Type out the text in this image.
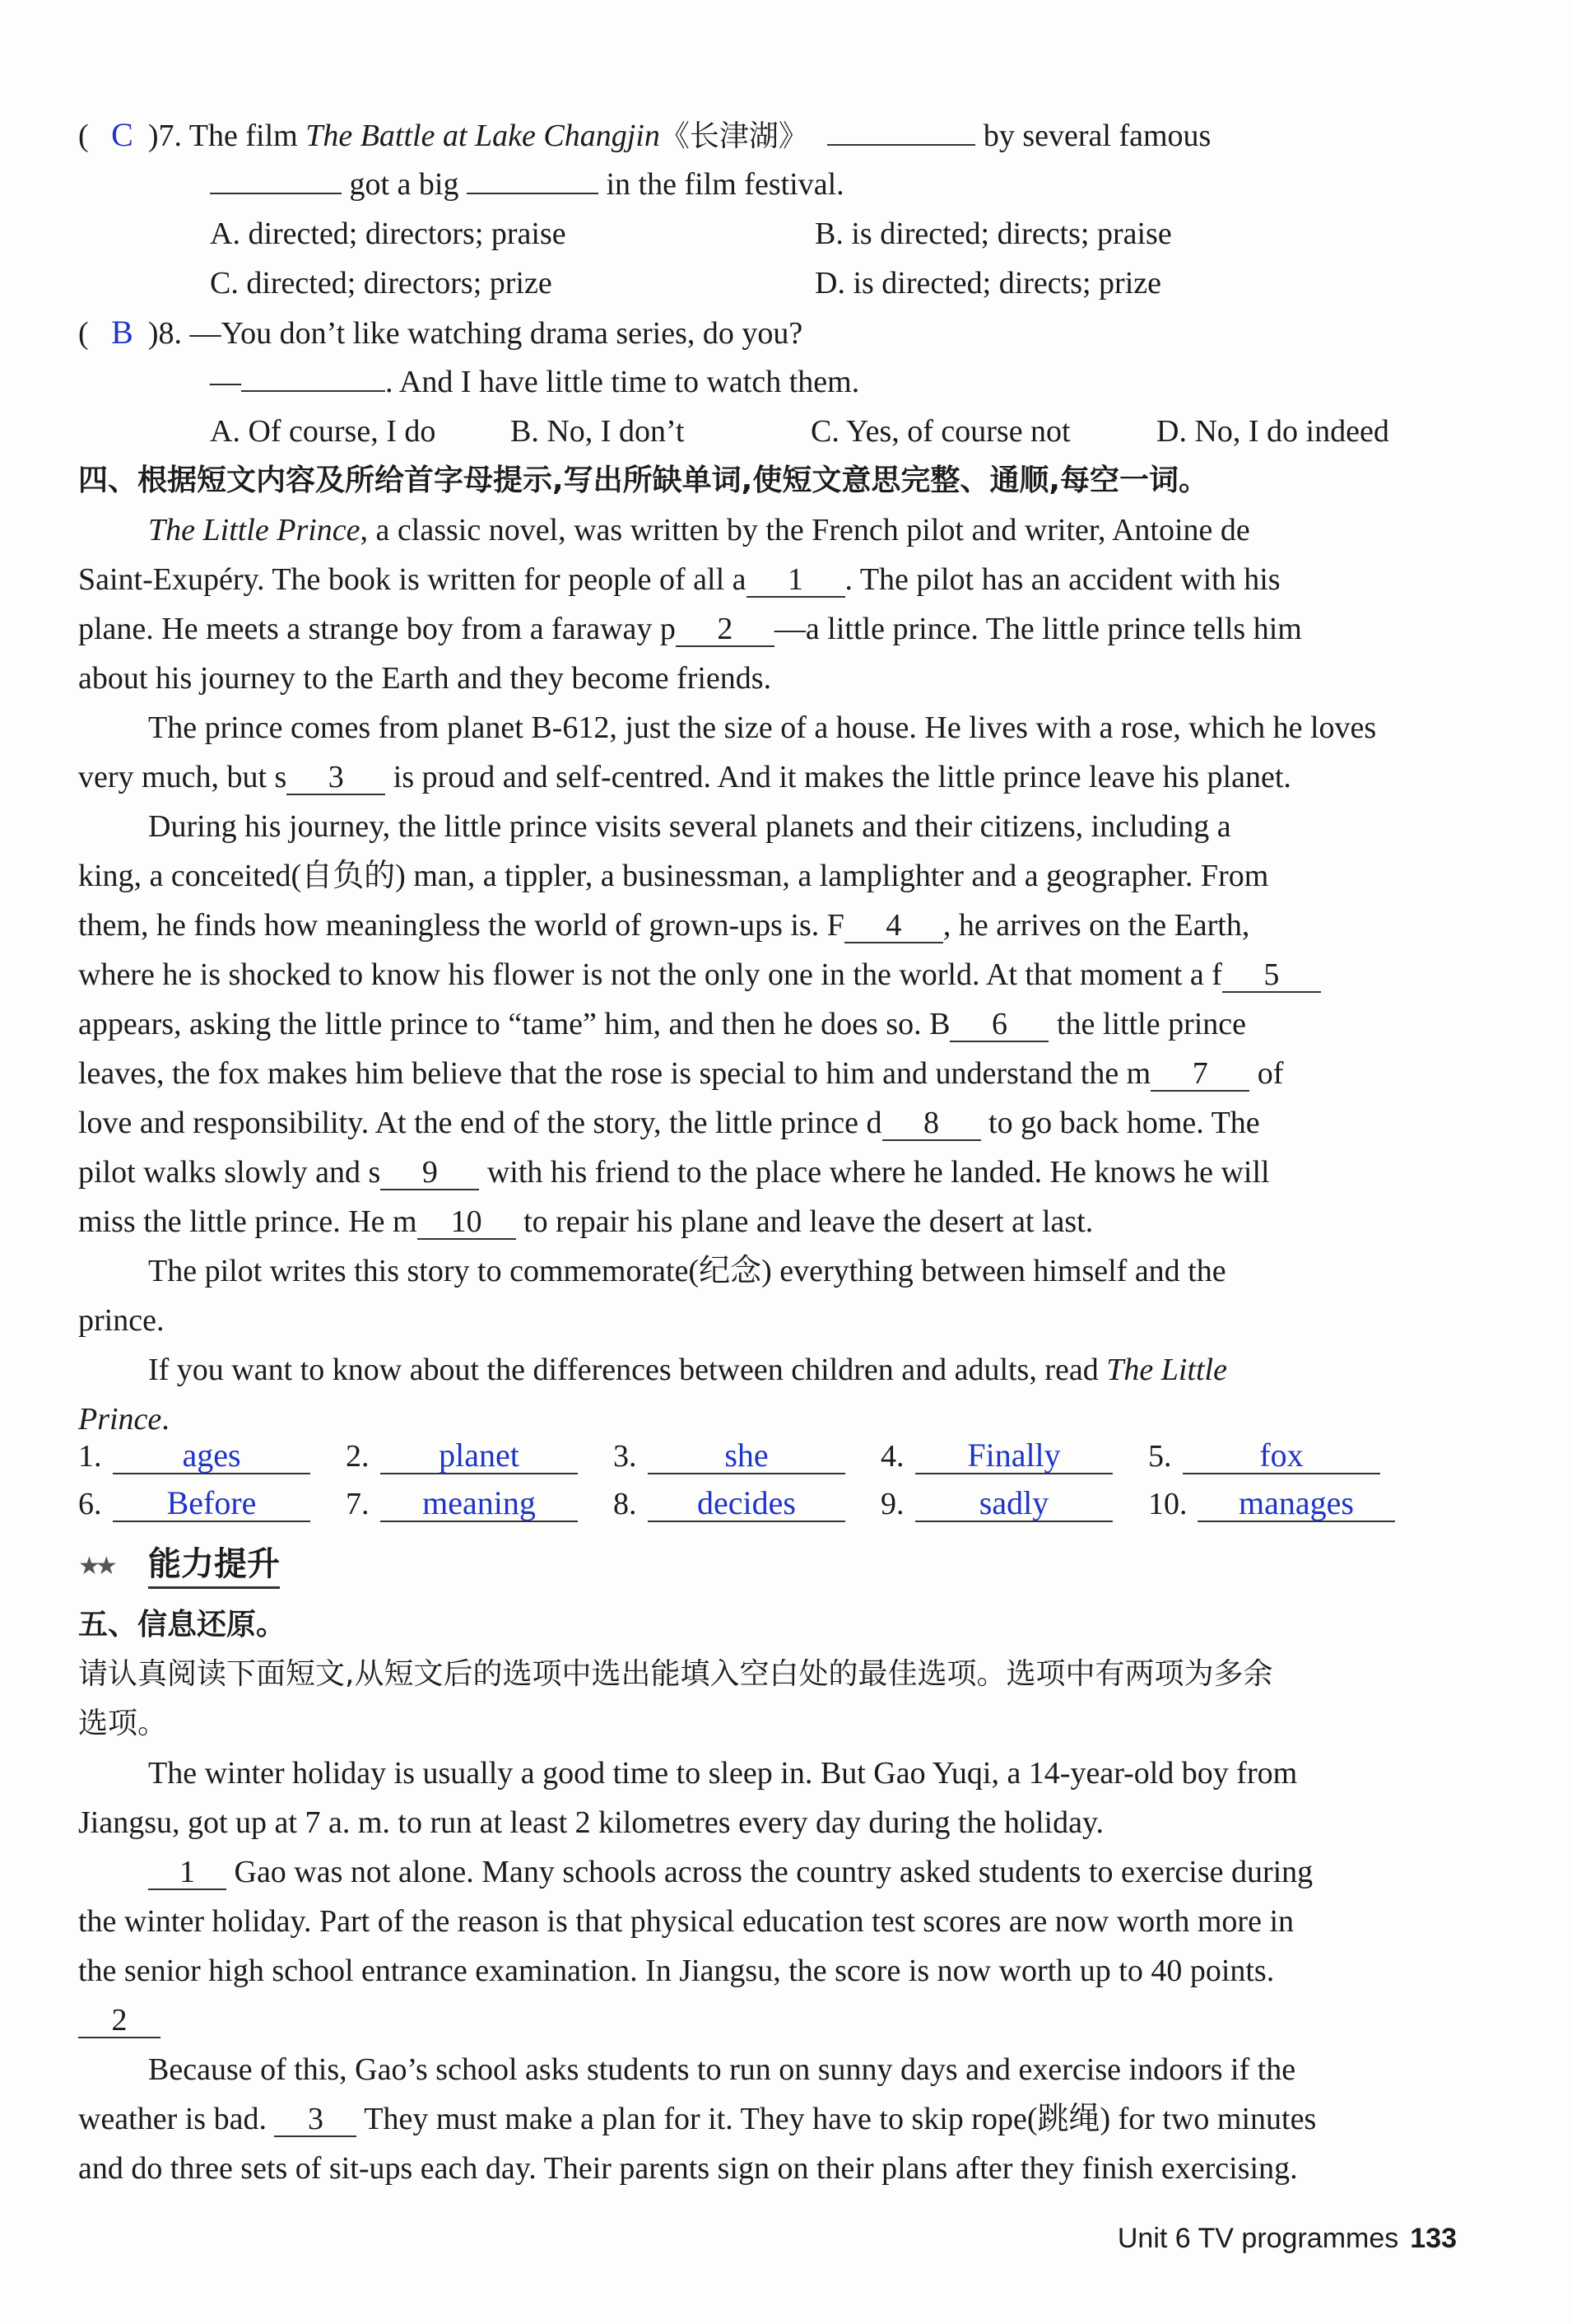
( C )7. The film The Battle at Lake Changjin《长津湖》	by several famous
got a big	in the film festival.
A. directed; directors; praise	B. is directed; directs; praise
C. directed; directors; prize	D. is directed; directs; prize
( B )8. —You don’t like watching drama series, do you?
—	. And I have little time to watch them.
A. Of course, I do B. No, I don’t	C. Yes, of course not	D. No, I do indeed
四、根据短文内容及所给首字母提示,写出所缺单词,使短文意思完整、通顺,每空一词。
The Little Prince, a classic novel, was written by the French pilot and writer, Antoine de
Saint-Exupéry. The book is written for people of all a 1 . The pilot has an accident with his
plane. He meets a strange boy from a faraway p 2 —a little prince. The little prince tells him
about his journey to the Earth and they become friends.
The prince comes from planet B-612, just the size of a house. He lives with a rose, which he loves
very much, but s 3 is proud and self-centred. And it makes the little prince leave his planet.
During his journey, the little prince visits several planets and their citizens, including a
king, a conceited(自负的) man, a tippler, a businessman, a lamplighter and a geographer. From
them, he finds how meaningless the world of grown-ups is. F 4 , he arrives on the Earth,
where he is shocked to know his flower is not the only one in the world. At that moment a f 5
appears, asking the little prince to “tame” him, and then he does so. B 6 the little prince
leaves, the fox makes him believe that the rose is special to him and understand the m 7 of
love and responsibility. At the end of the story, the little prince d 8 to go back home. The
pilot walks slowly and s 9 with his friend to the place where he landed. He knows he will
miss the little prince. He m 10 to repair his plane and leave the desert at last.
The pilot writes this story to commemorate(纪念) everything between himself and the
prince.
If you want to know about the differences between children and adults, read The Little
Prince.
1. ages	2. planet	3.	she	4. Finally	5.	fox
6. Before	7. meaning	8. decides	9. sadly	10. manages
★★ 能力提升
五、信息还原。
请认真阅读下面短文,从短文后的选项中选出能填入空白处的最佳选项。选项中有两项为多余
选项。
The winter holiday is usually a good time to sleep in. But Gao Yuqi, a 14-year-old boy from
Jiangsu, got up at 7 a. m. to run at least 2 kilometres every day during the holiday.
1 Gao was not alone. Many schools across the country asked students to exercise during
the winter holiday. Part of the reason is that physical education test scores are now worth more in
the senior high school entrance examination. In Jiangsu, the score is now worth up to 40 points.
2
Because of this, Gao’s school asks students to run on sunny days and exercise indoors if the
weather is bad. 3 They must make a plan for it. They have to skip rope(跳绳) for two minutes
and do three sets of sit-ups each day. Their parents sign on their plans after they finish exercising.
Unit 6 TV programmes 133
